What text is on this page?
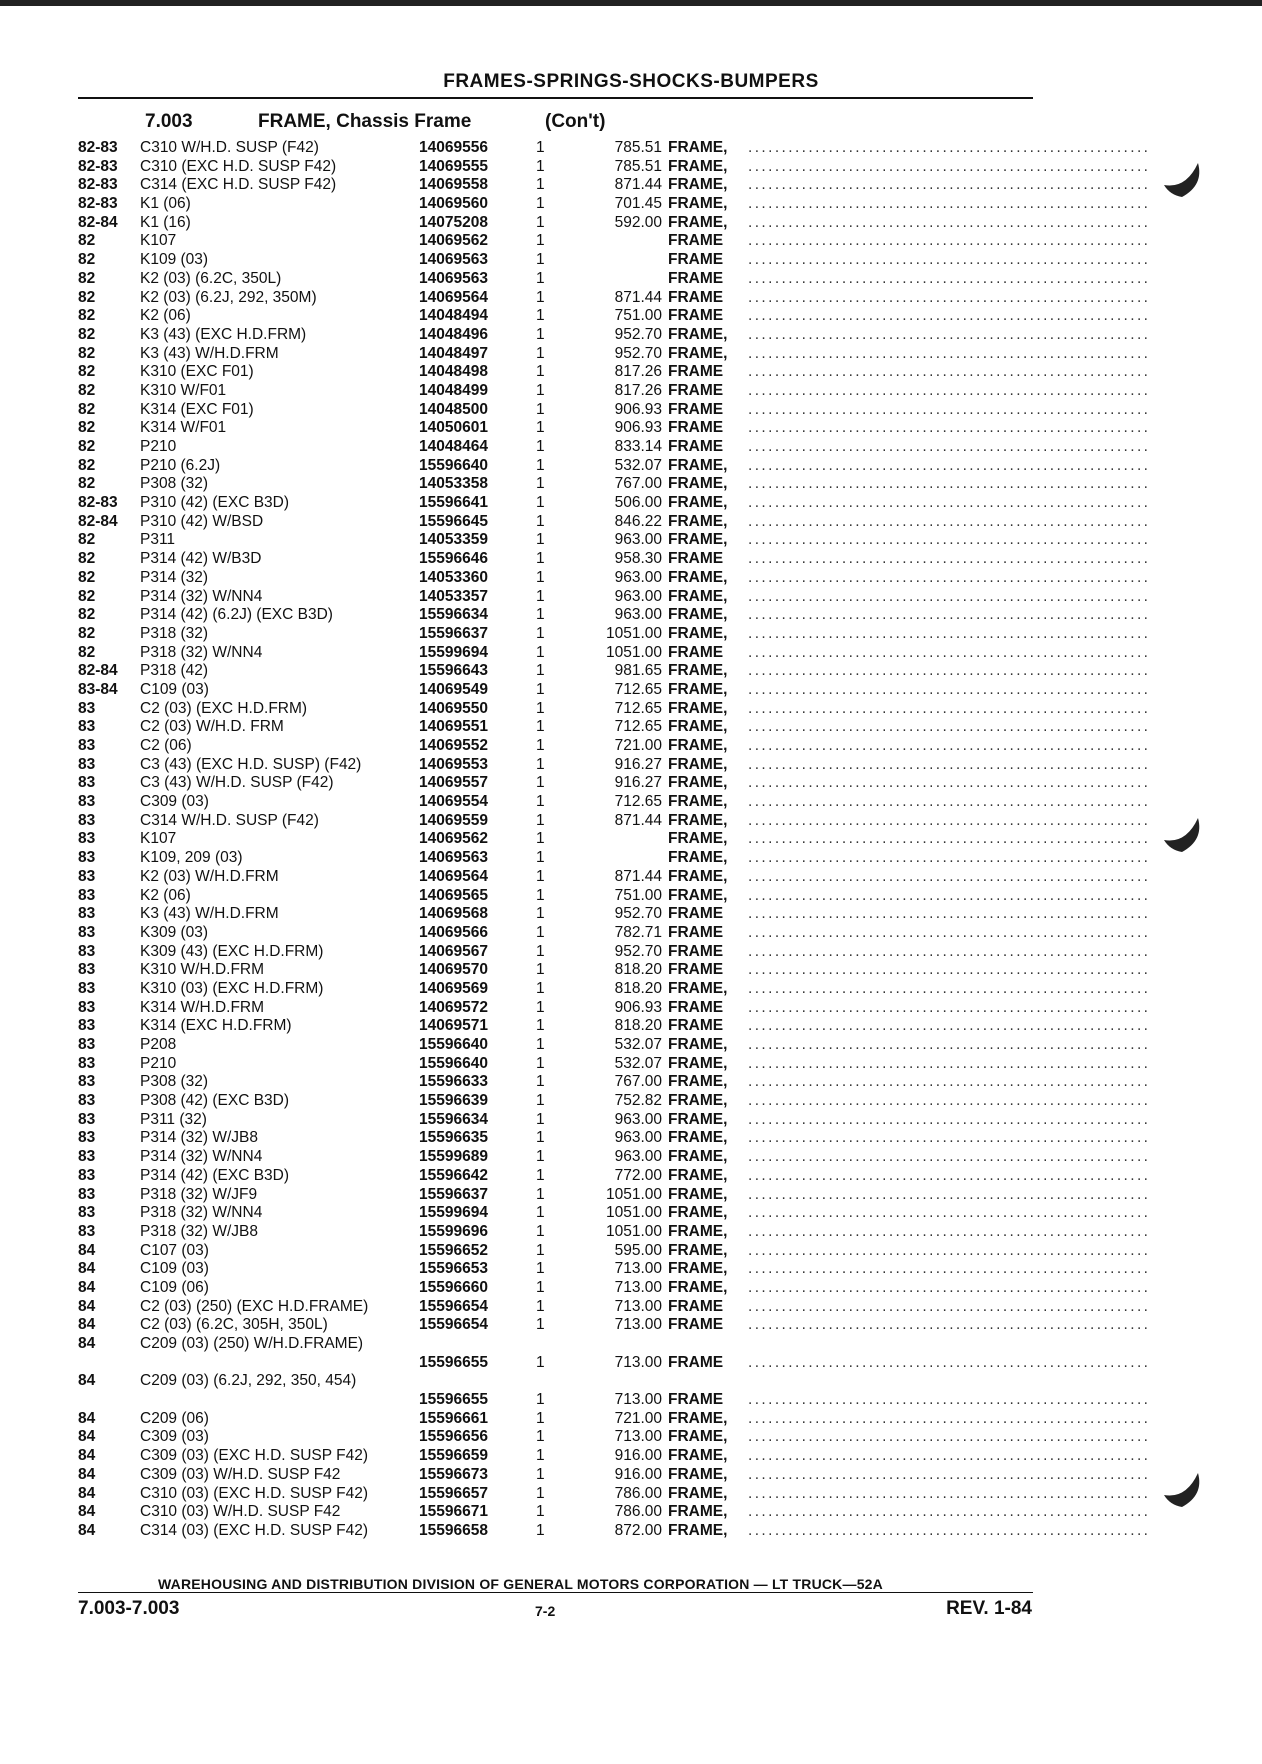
FRAMES-SPRINGS-SHOCKS-BUMPERS
7.003	FRAME, Chassis Frame	(Con't)
82-83 C310 W/H.D. SUSP (F42)	14069556	1	785.51 FRAME, ............................................................
82-83 C310 (EXC H.D. SUSP F42)	14069555	1	785.51 FRAME, ............................................................
82-83 C314 (EXC H.D. SUSP F42)	14069558	1	871.44 FRAME, ............................................................
82-83 K1 (06)	14069560	1	701.45 FRAME, ............................................................
82-84 K1 (16)	14075208	1	592.00 FRAME, ............................................................
82	K107	14069562	1	FRAME ............................................................
82	K109 (03)	14069563	1	FRAME ............................................................
82	K2 (03) (6.2C, 350L)	14069563	1	FRAME ............................................................
82	K2 (03) (6.2J, 292, 350M)	14069564	1	871.44 FRAME ............................................................
82	K2 (06)	14048494	1	751.00 FRAME ............................................................
82	K3 (43) (EXC H.D.FRM)	14048496	1	952.70 FRAME, ............................................................
82	K3 (43) W/H.D.FRM	14048497	1	952.70 FRAME, ............................................................
82	K310 (EXC F01)	14048498	1	817.26 FRAME ............................................................
82	K310 W/F01	14048499	1	817.26 FRAME ............................................................
82	K314 (EXC F01)	14048500	1	906.93 FRAME ............................................................
82	K314 W/F01	14050601	1	906.93 FRAME ............................................................
82	P210	14048464	1	833.14 FRAME ............................................................
82	P210 (6.2J)	15596640	1	532.07 FRAME, ............................................................
82	P308 (32)	14053358	1	767.00 FRAME, ............................................................
82-83 P310 (42) (EXC B3D)	15596641	1	506.00 FRAME, ............................................................
82-84 P310 (42) W/BSD	15596645	1	846.22 FRAME, ............................................................
82	P311	14053359	1	963.00 FRAME, ............................................................
82	P314 (42) W/B3D	15596646	1	958.30 FRAME ............................................................
82	P314 (32)	14053360	1	963.00 FRAME, ............................................................
82	P314 (32) W/NN4	14053357	1	963.00 FRAME, ............................................................
82	P314 (42) (6.2J) (EXC B3D)	15596634	1	963.00 FRAME, ............................................................
82	P318 (32)	15596637	1	1051.00 FRAME, ............................................................
82	P318 (32) W/NN4	15599694	1	1051.00 FRAME ............................................................
82-84 P318 (42)	15596643	1	981.65 FRAME, ............................................................
83-84 C109 (03)	14069549	1	712.65 FRAME, ............................................................
83	C2 (03) (EXC H.D.FRM)	14069550	1	712.65 FRAME, ............................................................
83	C2 (03) W/H.D. FRM	14069551	1	712.65 FRAME, ............................................................
83	C2 (06)	14069552	1	721.00 FRAME, ............................................................
83	C3 (43) (EXC H.D. SUSP) (F42)	14069553	1	916.27 FRAME, ............................................................
83	C3 (43) W/H.D. SUSP (F42)	14069557	1	916.27 FRAME, ............................................................
83	C309 (03)	14069554	1	712.65 FRAME, ............................................................
83	C314 W/H.D. SUSP (F42)	14069559	1	871.44 FRAME, ............................................................
83	K107	14069562	1	FRAME, ............................................................
83	K109, 209 (03)	14069563	1	FRAME, ............................................................
83	K2 (03) W/H.D.FRM	14069564	1	871.44 FRAME, ............................................................
83	K2 (06)	14069565	1	751.00 FRAME, ............................................................
83	K3 (43) W/H.D.FRM	14069568	1	952.70 FRAME ............................................................
83	K309 (03)	14069566	1	782.71 FRAME ............................................................
83	K309 (43) (EXC H.D.FRM)	14069567	1	952.70 FRAME ............................................................
83	K310 W/H.D.FRM	14069570	1	818.20 FRAME ............................................................
83	K310 (03) (EXC H.D.FRM)	14069569	1	818.20 FRAME, ............................................................
83	K314 W/H.D.FRM	14069572	1	906.93 FRAME ............................................................
83	K314 (EXC H.D.FRM)	14069571	1	818.20 FRAME ............................................................
83	P208	15596640	1	532.07 FRAME, ............................................................
83	P210	15596640	1	532.07 FRAME, ............................................................
83	P308 (32)	15596633	1	767.00 FRAME, ............................................................
83	P308 (42) (EXC B3D)	15596639	1	752.82 FRAME, ............................................................
83	P311 (32)	15596634	1	963.00 FRAME, ............................................................
83	P314 (32) W/JB8	15596635	1	963.00 FRAME, ............................................................
83	P314 (32) W/NN4	15599689	1	963.00 FRAME, ............................................................
83	P314 (42) (EXC B3D)	15596642	1	772.00 FRAME, ............................................................
83	P318 (32) W/JF9	15596637	1	1051.00 FRAME, ............................................................
83	P318 (32) W/NN4	15599694	1	1051.00 FRAME, ............................................................
83	P318 (32) W/JB8	15599696	1	1051.00 FRAME, ............................................................
84	C107 (03)	15596652	1	595.00 FRAME, ............................................................
84	C109 (03)	15596653	1	713.00 FRAME, ............................................................
84	C109 (06)	15596660	1	713.00 FRAME, ............................................................
84	C2 (03) (250) (EXC H.D.FRAME)	15596654	1	713.00 FRAME ............................................................
84	C2 (03) (6.2C, 305H, 350L)	15596654	1	713.00 FRAME ............................................................
84	C209 (03) (250) W/H.D.FRAME)
15596655	1	713.00 FRAME ............................................................
84	C209 (03) (6.2J, 292, 350, 454)
15596655	1	713.00 FRAME ............................................................
84	C209 (06)	15596661	1	721.00 FRAME, ............................................................
84	C309 (03)	15596656	1	713.00 FRAME, ............................................................
84	C309 (03) (EXC H.D. SUSP F42)	15596659	1	916.00 FRAME, ............................................................
84	C309 (03) W/H.D. SUSP F42	15596673	1	916.00 FRAME, ............................................................
84	C310 (03) (EXC H.D. SUSP F42)	15596657	1	786.00 FRAME, ............................................................
84	C310 (03) W/H.D. SUSP F42	15596671	1	786.00 FRAME, ............................................................
84	C314 (03) (EXC H.D. SUSP F42)	15596658	1	872.00 FRAME, ............................................................
WAREHOUSING AND DISTRIBUTION DIVISION OF GENERAL MOTORS CORPORATION — LT TRUCK—52A
7.003-7.003	7-2	REV. 1-84
